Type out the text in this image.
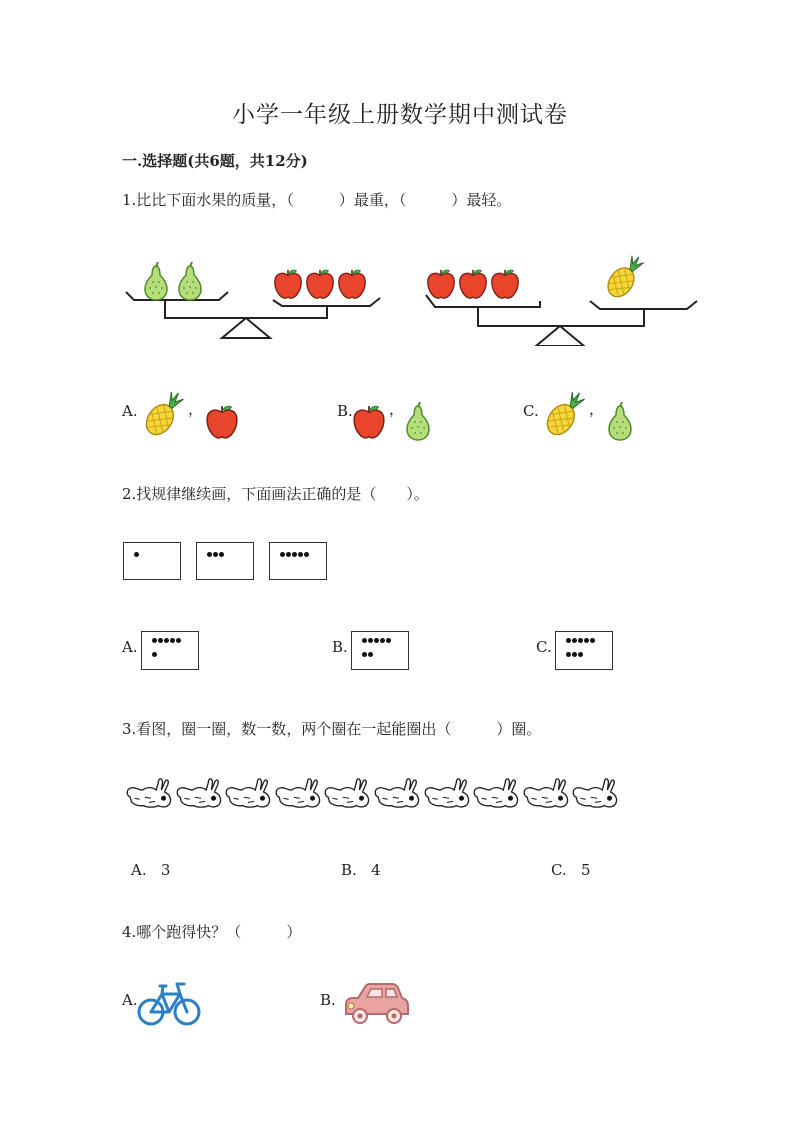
小学一年级上册数学期中测试卷
一.选择题(共6题，共12分)
1.比比下面水果的质量，（　　　）最重，（　　　）最轻。
A.	，	B. ，	C.	，
2.找规律继续画，下面画法正确的是（　　）。
A.	B.	C.
3.看图，圈一圈，数一数，两个圈在一起能圈出（　　　）圈。
A. 3	B. 4	C. 5
4.哪个跑得快？（　　　）
A.	B.
